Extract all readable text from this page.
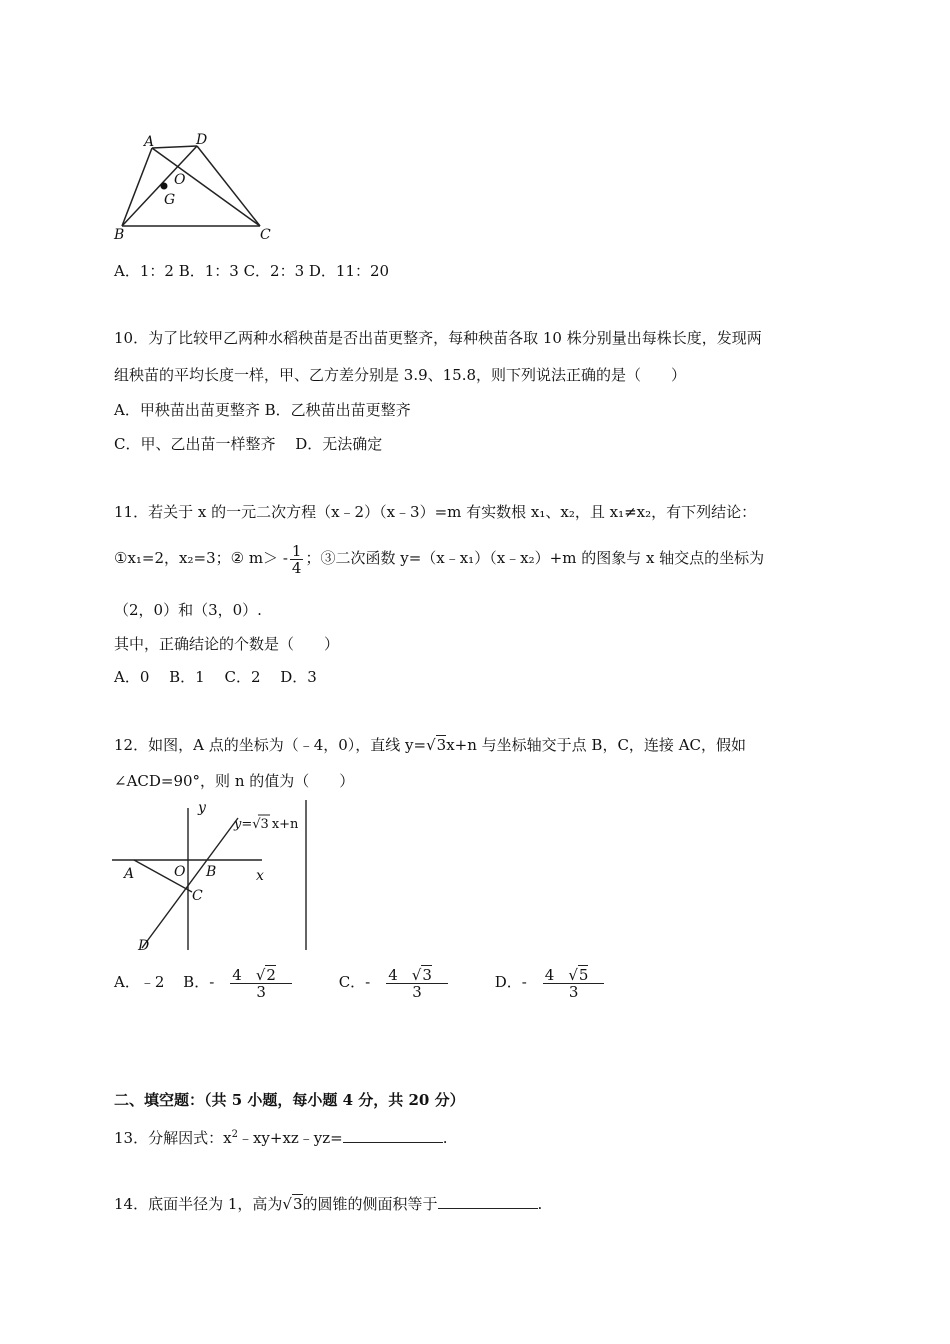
A	D
O
G
B	C
A．1：2 B．1：3 C．2：3 D．11：20
10．为了比较甲乙两种水稻秧苗是否出苗更整齐，每种秧苗各取 10 株分别量出每株长度，发现两
组秧苗的平均长度一样，甲、乙方差分别是 3.9、15.8，则下列说法正确的是（　　）
A．甲秧苗出苗更整齐 B．乙秧苗出苗更整齐
C．甲、乙出苗一样整齐　 D．无法确定
11．若关于 x 的一元二次方程（x﹣2）（x﹣3）=m 有实数根 x₁、x₂，且 x₁≠x₂，有下列结论：
①x₁=2，x₂=3；② $m> - \frac{1}{4}$ ；③二次函数 y=（x﹣x₁）（x﹣x₂）+m 的图象与 x 轴交点的坐标为
（2，0）和（3，0）.
其中，正确结论的个数是（　　）
A．0　 B．1　 C．2　 D．3
12．如图，A 点的坐标为（﹣4，0），直线 y=√3x+n 与坐标轴交于点 B，C，连接 AC，假如
∠ACD=90°，则 n 的值为（　　）
y
x
A	O B
C
D
y=√3 x+n
A．﹣2 B．- $\frac{4 √2}{3}$ C．- $\frac{4 √3}{3}$ D．- $\frac{4 √5}{3}$
二、填空题：（共 5 小题，每小题 4 分，共 20 分）
13．分解因式：$x^2﹣xy+xz﹣yz=$	.
14．底面半径为 1，高为√3的圆锥的侧面积等于	.
